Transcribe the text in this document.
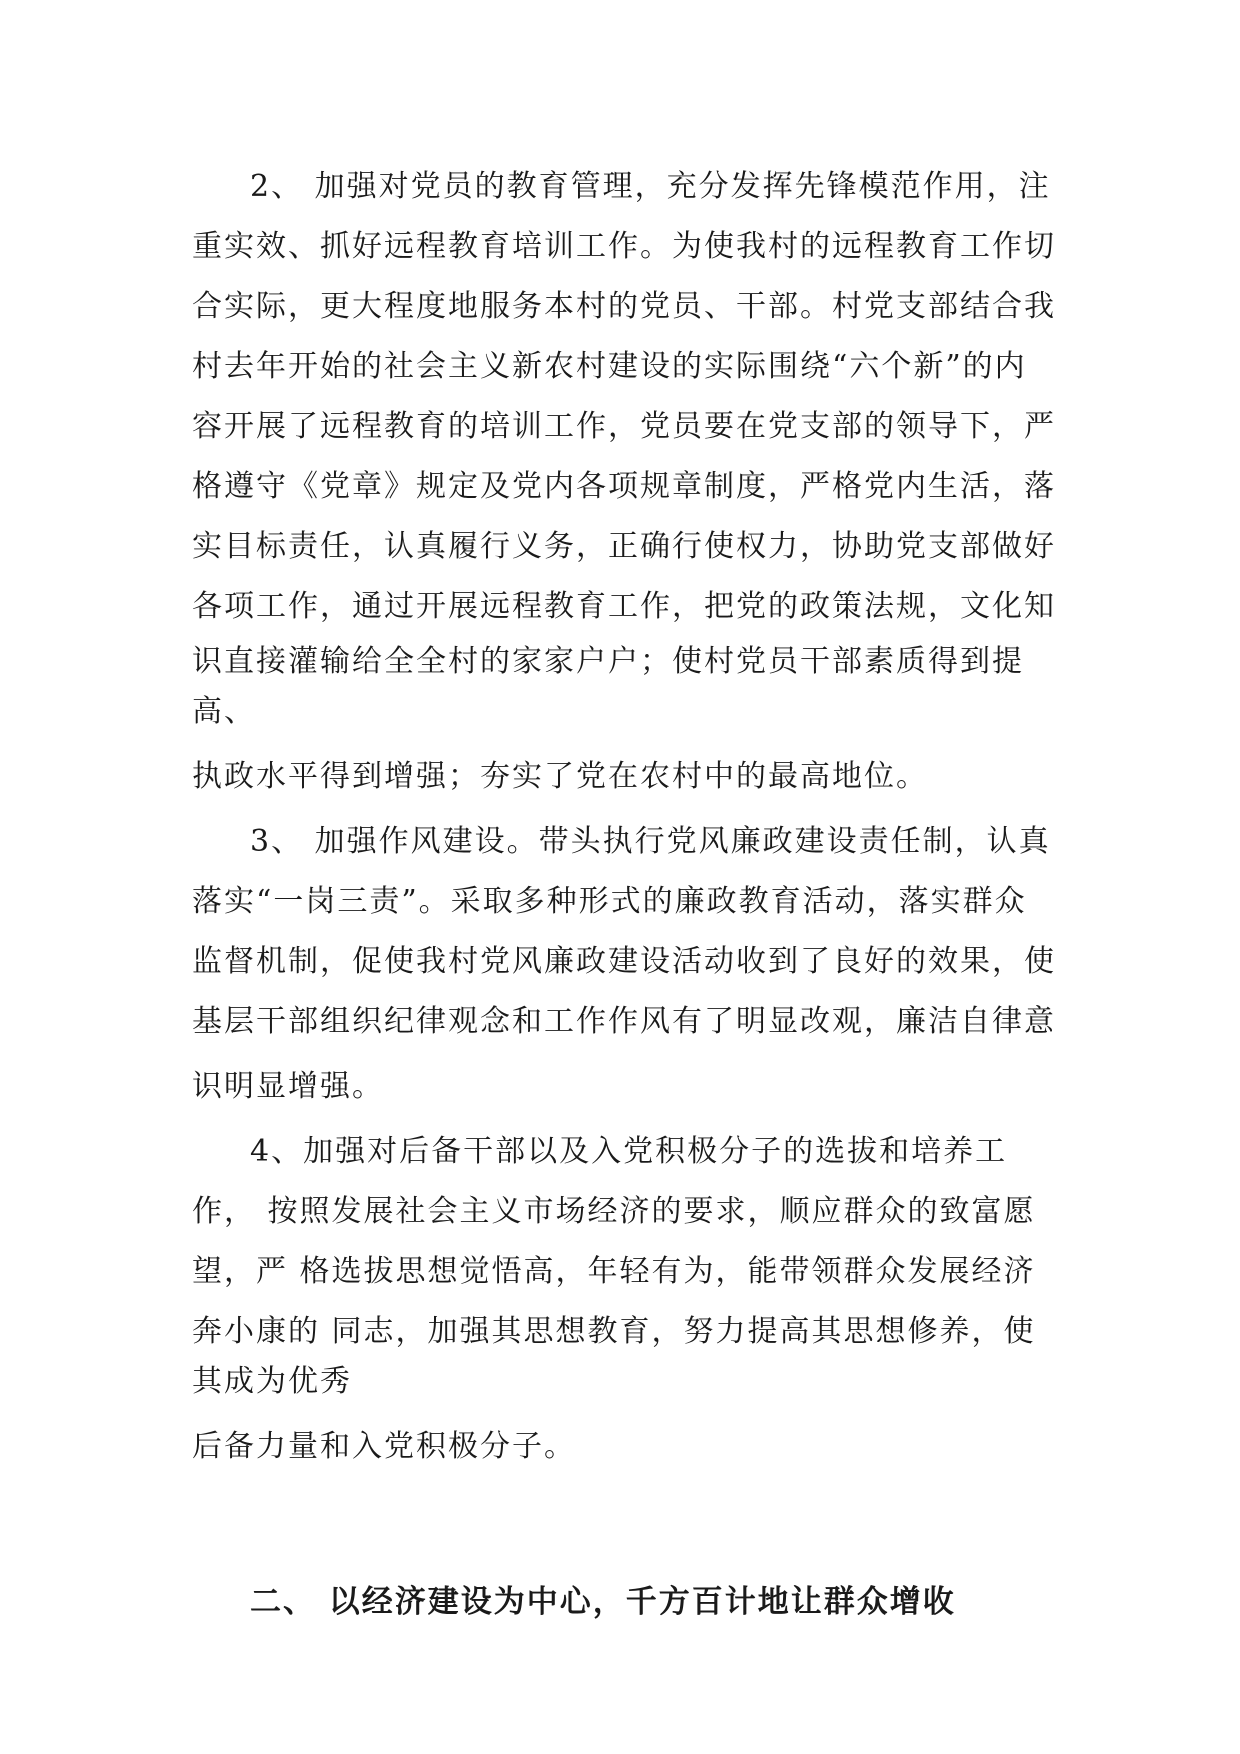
2、 加强对党员的教育管理，充分发挥先锋模范作用，注
重实效、抓好远程教育培训工作。为使我村的远程教育工作切
合实际，更大程度地服务本村的党员、干部。村党支部结合我
村去年开始的社会主义新农村建设的实际围绕“六个新”的内
容开展了远程教育的培训工作，党员要在党支部的领导下，严
格遵守《党章》规定及党内各项规章制度，严格党内生活，落
实目标责任，认真履行义务，正确行使权力，协助党支部做好
各项工作，通过开展远程教育工作，把党的政策法规，文化知
识直接灌输给全全村的家家户户；使村党员干部素质得到提
高、
执政水平得到增强；夯实了党在农村中的最高地位。
3、 加强作风建设。带头执行党风廉政建设责任制，认真
落实“一岗三责”。采取多种形式的廉政教育活动，落实群众
监督机制，促使我村党风廉政建设活动收到了良好的效果，使
基层干部组织纪律观念和工作作风有了明显改观，廉洁自律意
识明显增强。
4、加强对后备干部以及入党积极分子的选拔和培养工
作， 按照发展社会主义市场经济的要求，顺应群众的致富愿
望，严 格选拔思想觉悟高，年轻有为，能带领群众发展经济
奔小康的 同志，加强其思想教育，努力提高其思想修养，使
其成为优秀
后备力量和入党积极分子。
二、 以经济建设为中心，千方百计地让群众增收
